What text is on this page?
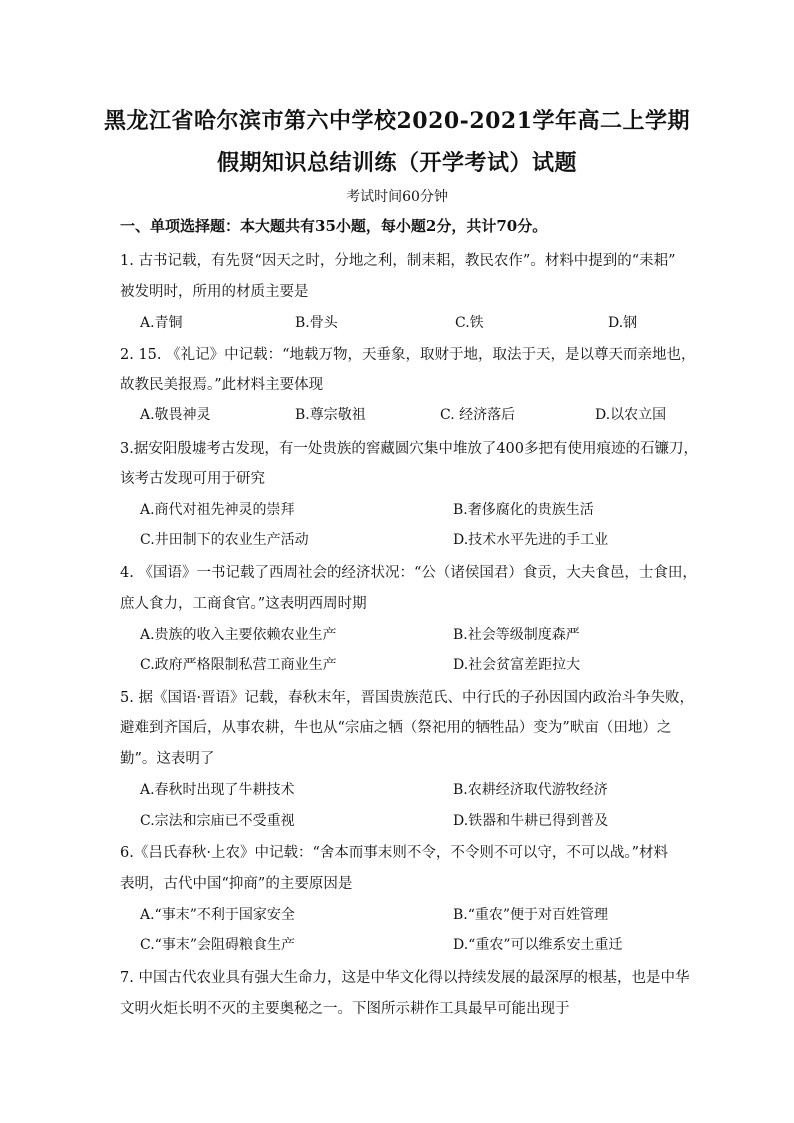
黑龙江省哈尔滨市第六中学校2020-2021学年高二上学期
假期知识总结训练（开学考试）试题
考试时间60分钟
一、单项选择题：本大题共有35小题，每小题2分，共计70分。
1. 古书记载，有先贤“因天之时，分地之利，制耒耜，教民农作”。材料中提到的“耒耜”
被发明时，所用的材质主要是
A.青铜	B.骨头	C.铁	D.钢
2. 15. 《礼记》中记载：“地载万物，天垂象，取财于地，取法于天，是以尊天而亲地也，
故教民美报焉。”此材料主要体现
A.敬畏神灵	B.尊宗敬祖	C. 经济落后	D.以农立国
3.据安阳殷墟考古发现，有一处贵族的窖藏圆穴集中堆放了400多把有使用痕迹的石镰刀，
该考古发现可用于研究
A.商代对祖先神灵的崇拜	B.奢侈腐化的贵族生活
C.井田制下的农业生产活动	D.技术水平先进的手工业
4. 《国语》一书记载了西周社会的经济状况：“公（诸侯国君）食贡，大夫食邑，士食田，
庶人食力，工商食官。”这表明西周时期
A.贵族的收入主要依赖农业生产	B.社会等级制度森严
C.政府严格限制私营工商业生产	D.社会贫富差距拉大
5. 据《国语·晋语》记载，春秋末年，晋国贵族范氏、中行氏的子孙因国内政治斗争失败，
避难到齐国后，从事农耕，牛也从“宗庙之牺（祭祀用的牺牲品）变为”畎亩（田地）之
勤”。这表明了
A.春秋时出现了牛耕技术	B.农耕经济取代游牧经济
C.宗法和宗庙已不受重视	D.铁器和牛耕已得到普及
6.《吕氏春秋·上农》中记载：“舍本而事末则不令，不令则不可以守，不可以战。”材料
表明，古代中国“抑商”的主要原因是
A.“事末”不利于国家安全	B.“重农”便于对百姓管理
C.“事末”会阻碍粮食生产	D.“重农”可以维系安土重迁
7. 中国古代农业具有强大生命力，这是中华文化得以持续发展的最深厚的根基，也是中华
文明火炬长明不灭的主要奥秘之一。下图所示耕作工具最早可能出现于
